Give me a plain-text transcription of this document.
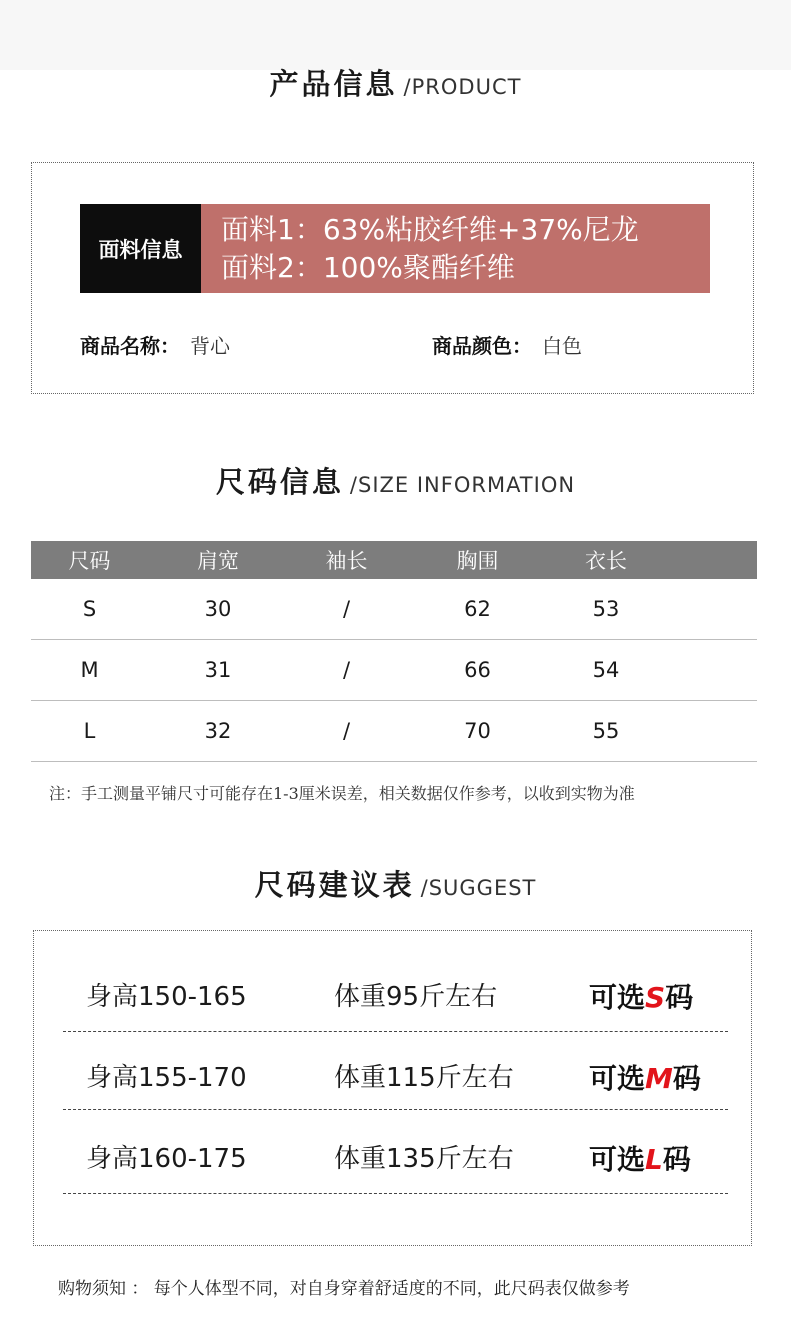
产品信息 /PRODUCT
面料信息
面料1：63%粘胶纤维+37%尼龙
面料2：100%聚酯纤维
商品名称： 背心	商品颜色： 白色
尺码信息 /SIZE INFORMATION
尺码	肩宽	袖长	胸围	衣长	
S	30	/	62	53	
M	31	/	66	54	
L	32	/	70	55	
注：手工测量平铺尺寸可能存在1-3厘米误差，相关数据仅作参考，以收到实物为准
尺码建议表 /SUGGEST
身高150-165	体重95斤左右	可选S码
身高155-170	体重115斤左右	可选M码
身高160-175	体重135斤左右	可选L码
购物须知 ： 每个人体型不同，对自身穿着舒适度的不同，此尺码表仅做参考
